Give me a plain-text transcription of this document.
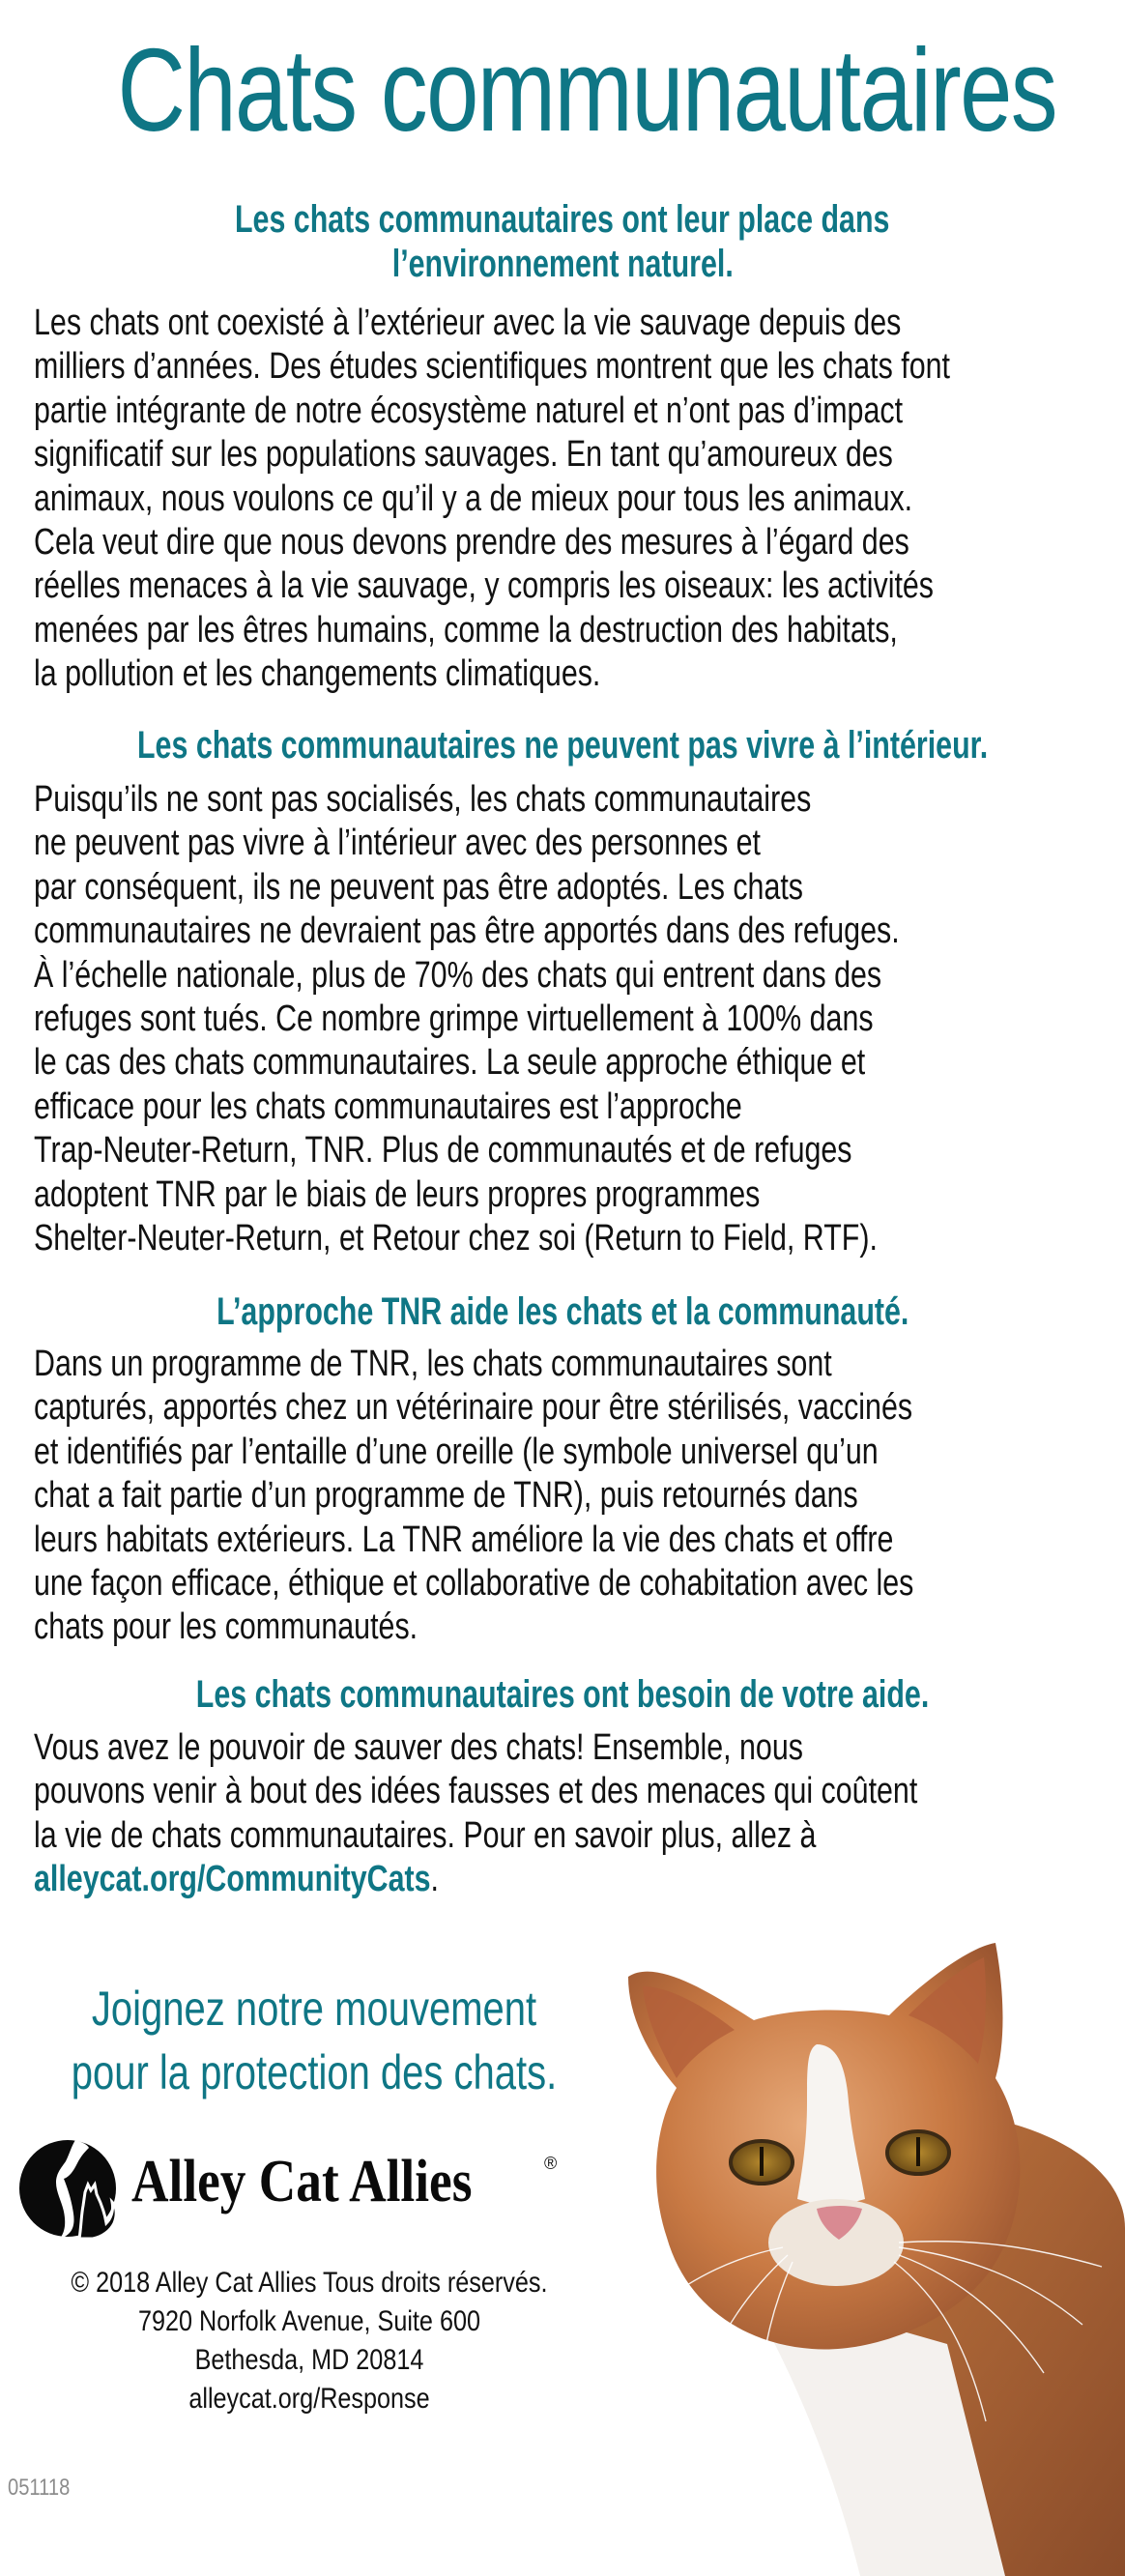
Chats communautaires
Les chats communautaires ont leur place dans
l’environnement naturel.
Les chats ont coexisté à l’extérieur avec la vie sauvage depuis des
milliers d’années. Des études scientifiques montrent que les chats font
partie intégrante de notre écosystème naturel et n’ont pas d’impact
significatif sur les populations sauvages. En tant qu’amoureux des
animaux, nous voulons ce qu’il y a de mieux pour tous les animaux.
Cela veut dire que nous devons prendre des mesures à l’égard des
réelles menaces à la vie sauvage, y compris les oiseaux: les activités
menées par les êtres humains, comme la destruction des habitats,
la pollution et les changements climatiques.
Les chats communautaires ne peuvent pas vivre à l’intérieur.
Puisqu’ils ne sont pas socialisés, les chats communautaires
ne peuvent pas vivre à l’intérieur avec des personnes et
par conséquent, ils ne peuvent pas être adoptés. Les chats
communautaires ne devraient pas être apportés dans des refuges.
À l’échelle nationale, plus de 70% des chats qui entrent dans des
refuges sont tués. Ce nombre grimpe virtuellement à 100% dans
le cas des chats communautaires. La seule approche éthique et
efficace pour les chats communautaires est l’approche
Trap-Neuter-Return, TNR. Plus de communautés et de refuges
adoptent TNR par le biais de leurs propres programmes
Shelter-Neuter-Return, et Retour chez soi (Return to Field, RTF).
L’approche TNR aide les chats et la communauté.
Dans un programme de TNR, les chats communautaires sont
capturés, apportés chez un vétérinaire pour être stérilisés, vaccinés
et identifiés par l’entaille d’une oreille (le symbole universel qu’un
chat a fait partie d’un programme de TNR), puis retournés dans
leurs habitats extérieurs. La TNR améliore la vie des chats et offre
une façon efficace, éthique et collaborative de cohabitation avec les
chats pour les communautés.
Les chats communautaires ont besoin de votre aide.
Vous avez le pouvoir de sauver des chats! Ensemble, nous
pouvons venir à bout des idées fausses et des menaces qui coûtent
la vie de chats communautaires. Pour en savoir plus, allez à
alleycat.org/CommunityCats.
Joignez notre mouvement
pour la protection des chats.
Alley Cat Allies	®
© 2018 Alley Cat Allies Tous droits réservés.
7920 Norfolk Avenue, Suite 600
Bethesda, MD 20814
alleycat.org/Response
051118
